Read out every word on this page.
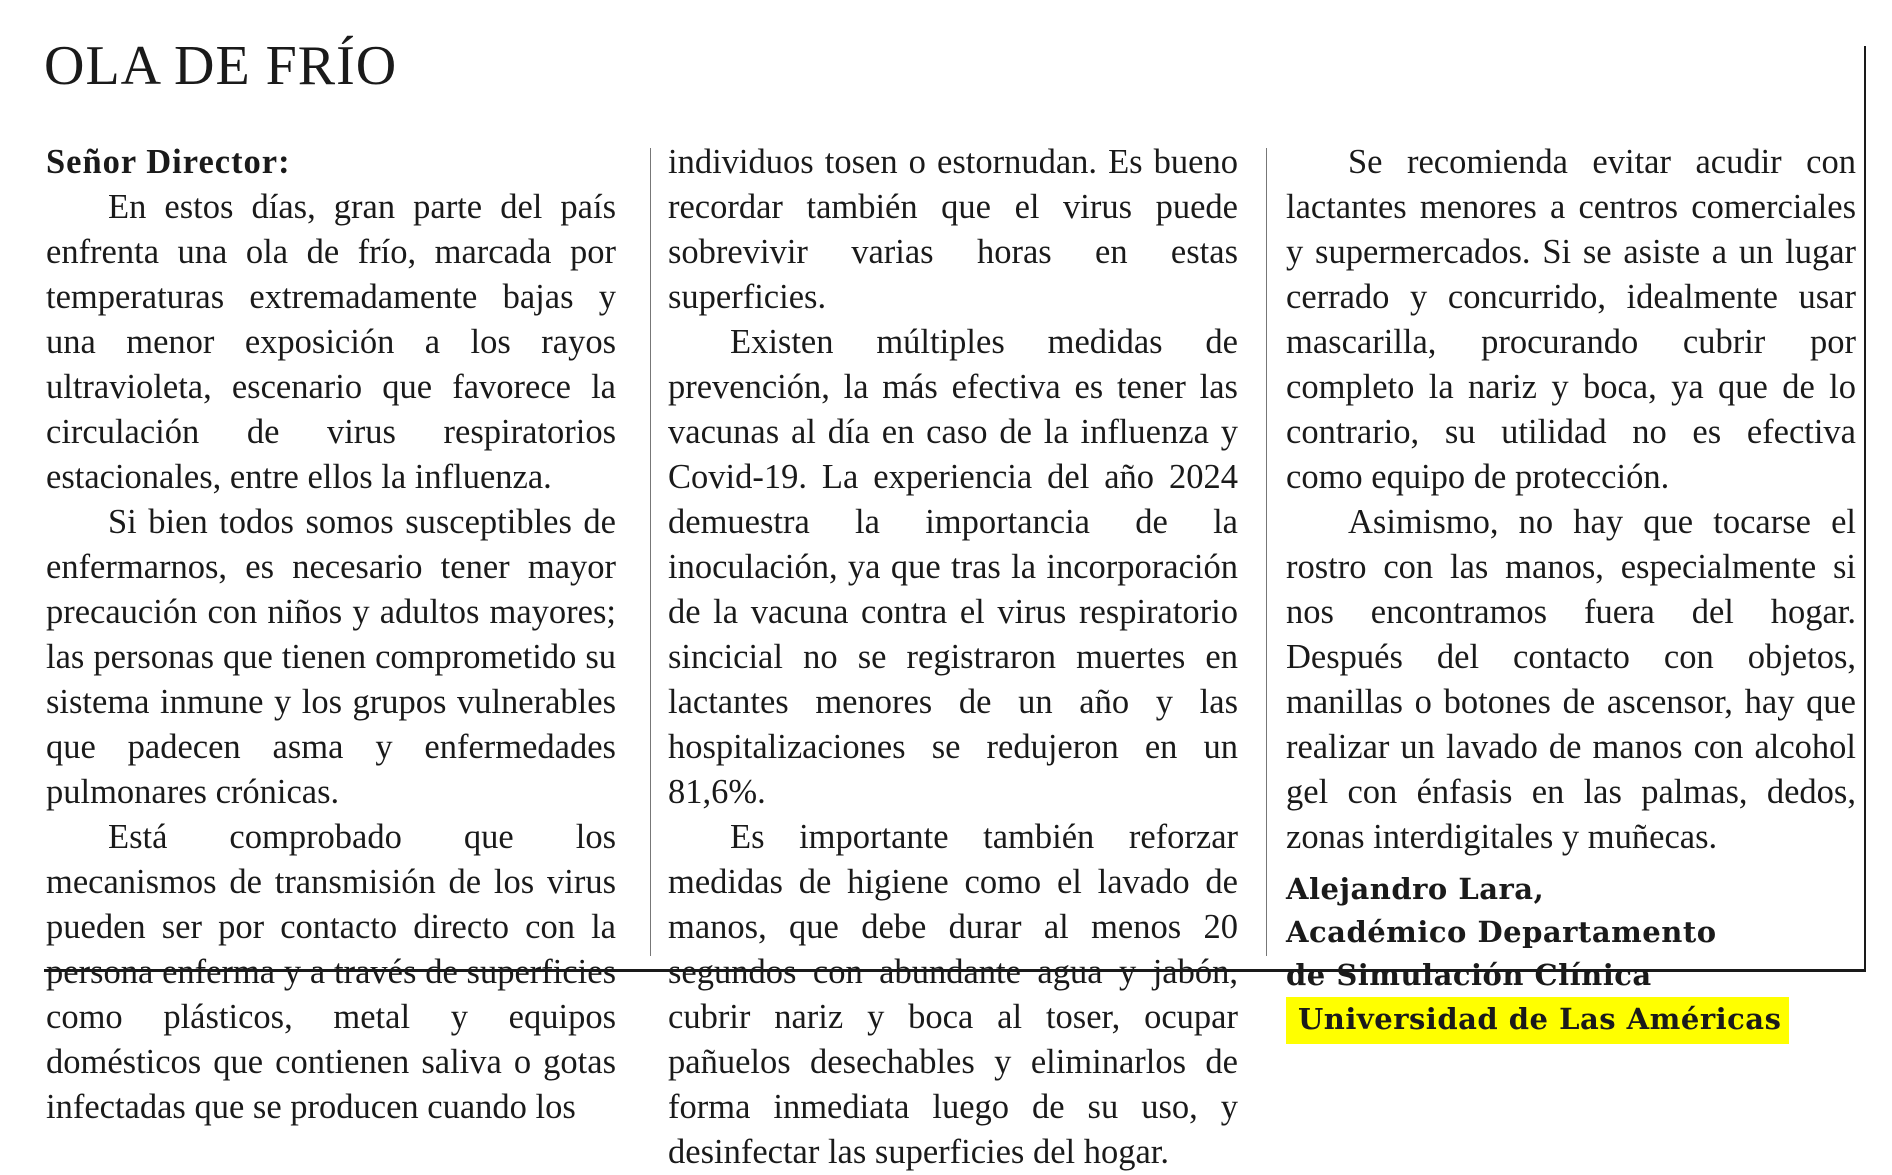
OLA DE FRÍO

Señor Director:

En estos días, gran parte del país enfrenta una ola de frío, marcada por temperaturas extremadamente bajas y una menor exposición a los rayos ultravioleta, escenario que favorece la circulación de virus respiratorios estacionales, entre ellos la influenza.

Si bien todos somos susceptibles de enfermarnos, es necesario tener mayor precaución con niños y adultos mayores; las personas que tienen comprometido su sistema inmune y los grupos vulnerables que padecen asma y enfermedades pulmonares crónicas.

Está comprobado que los mecanismos de transmisión de los virus pueden ser por contacto directo con la persona enferma y a través de superficies como plásticos, metal y equipos domésticos que contienen saliva o gotas infectadas que se producen cuando los

individuos tosen o estornudan. Es bueno recordar también que el virus puede sobrevivir varias horas en estas superficies.

Existen múltiples medidas de prevención, la más efectiva es tener las vacunas al día en caso de la influenza y Covid-19. La experiencia del año 2024 demuestra la importancia de la inoculación, ya que tras la incorporación de la vacuna contra el virus respiratorio sincicial no se registraron muertes en lactantes menores de un año y las hospitalizaciones se redujeron en un 81,6%.

Es importante también reforzar medidas de higiene como el lavado de manos, que debe durar al menos 20 segundos con abundante agua y jabón, cubrir nariz y boca al toser, ocupar pañuelos desechables y eliminarlos de forma inmediata luego de su uso, y desinfectar las superficies del hogar.

Se recomienda evitar acudir con lactantes menores a centros comerciales y supermercados. Si se asiste a un lugar cerrado y concurrido, idealmente usar mascarilla, procurando cubrir por completo la nariz y boca, ya que de lo contrario, su utilidad no es efectiva como equipo de protección.

Asimismo, no hay que tocarse el rostro con las manos, especialmente si nos encontramos fuera del hogar. Después del contacto con objetos, manillas o botones de ascensor, hay que realizar un lavado de manos con alcohol gel con énfasis en las palmas, dedos, zonas interdigitales y muñecas.

Alejandro Lara,
Académico Departamento
de Simulación Clínica
Universidad de Las Américas
